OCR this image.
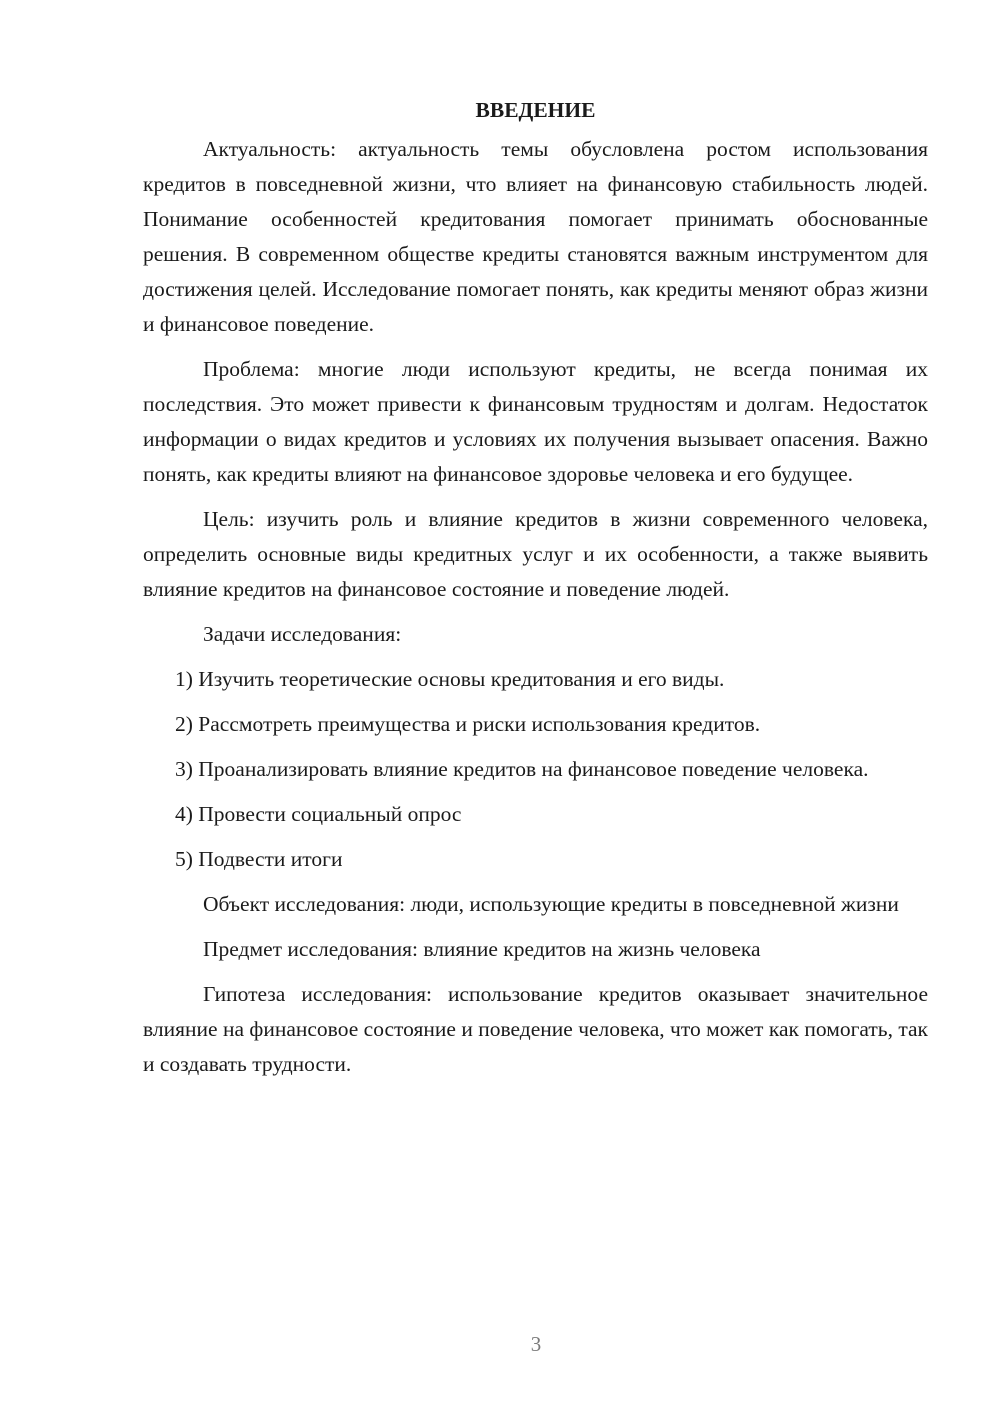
ВВЕДЕНИЕ

Актуальность: актуальность темы обусловлена ростом использования кредитов в повседневной жизни, что влияет на финансовую стабильность людей. Понимание особенностей кредитования помогает принимать обоснованные решения. В современном обществе кредиты становятся важным инструментом для достижения целей. Исследование помогает понять, как кредиты меняют образ жизни и финансовое поведение.

Проблема: многие люди используют кредиты, не всегда понимая их последствия. Это может привести к финансовым трудностям и долгам. Недостаток информации о видах кредитов и условиях их получения вызывает опасения. Важно понять, как кредиты влияют на финансовое здоровье человека и его будущее.

Цель: изучить роль и влияние кредитов в жизни современного человека, определить основные виды кредитных услуг и их особенности, а также выявить влияние кредитов на финансовое состояние и поведение людей.

Задачи исследования:

1) Изучить теоретические основы кредитования и его виды.

2) Рассмотреть преимущества и риски использования кредитов.

3) Проанализировать влияние кредитов на финансовое поведение человека.

4) Провести социальный опрос

5) Подвести итоги

Объект исследования: люди, использующие кредиты в повседневной жизни

Предмет исследования: влияние кредитов на жизнь человека

Гипотеза исследования: использование кредитов оказывает значительное влияние на финансовое состояние и поведение человека, что может как помогать, так и создавать трудности.

3
